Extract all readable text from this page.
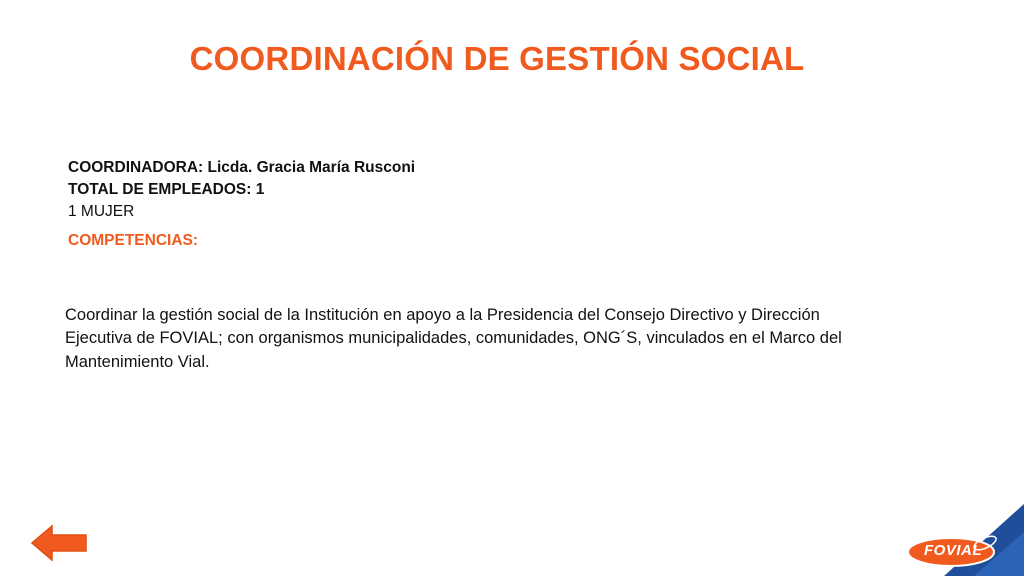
COORDINACIÓN DE GESTIÓN SOCIAL
COORDINADORA: Licda. Gracia María Rusconi
TOTAL DE EMPLEADOS: 1
1 MUJER
COMPETENCIAS:

Coordinar la gestión social de la Institución en apoyo a la Presidencia del Consejo Directivo y Dirección Ejecutiva de FOVIAL; con organismos municipalidades, comunidades, ONG´S, vinculados en el Marco del Mantenimiento Vial.

FOVIAL
